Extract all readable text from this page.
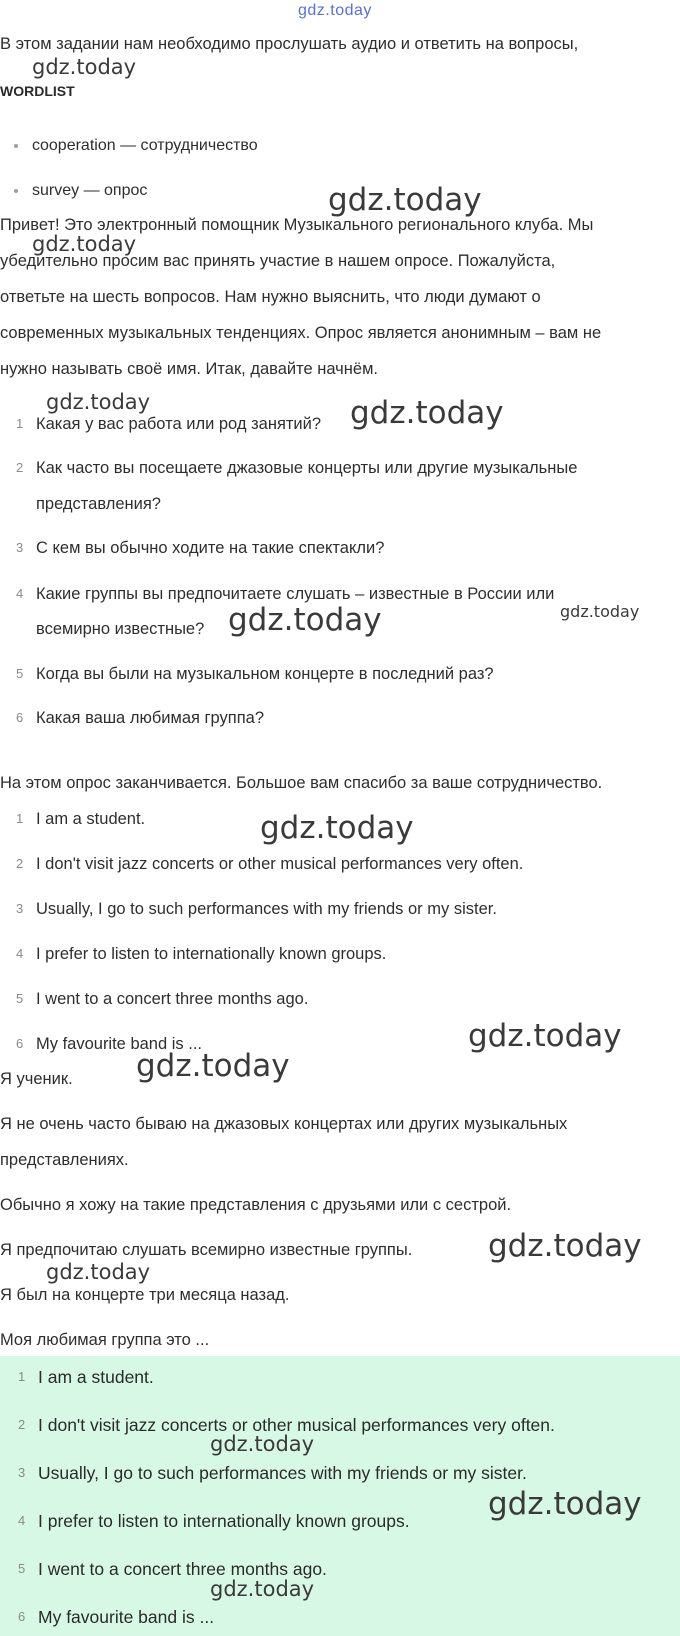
gdz.today
В этом задании нам необходимо прослушать аудио и ответить на вопросы,
WORDLIST
cooperation — сотрудничество
survey — опрос
Привет! Это электронный помощник Музыкального регионального клуба. Мы
убедительно просим вас принять участие в нашем опросе. Пожалуйста,
ответьте на шесть вопросов. Нам нужно выяснить, что люди думают о
современных музыкальных тенденциях. Опрос является анонимным – вам не
нужно называть своё имя. Итак, давайте начнём.
1 Какая у вас работа или род занятий?
2 Как часто вы посещаете джазовые концерты или другие музыкальные
представления?
3 С кем вы обычно ходите на такие спектакли?
4 Какие группы вы предпочитаете слушать – известные в России или
всемирно известные?
5 Когда вы были на музыкальном концерте в последний раз?
6 Какая ваша любимая группа?
На этом опрос заканчивается. Большое вам спасибо за ваше сотрудничество.
1 I am a student.
2 I don't visit jazz concerts or other musical performances very often.
3 Usually, I go to such performances with my friends or my sister.
4 I prefer to listen to internationally known groups.
5 I went to a concert three months ago.
6 My favourite band is ...
Я ученик.
Я не очень часто бываю на джазовых концертах или других музыкальных
представлениях.
Обычно я хожу на такие представления с друзьями или с сестрой.
Я предпочитаю слушать всемирно известные группы.
Я был на концерте три месяца назад.
Моя любимая группа это ...
1 I am a student.
2 I don't visit jazz concerts or other musical performances very often.
3 Usually, I go to such performances with my friends or my sister.
4 I prefer to listen to internationally known groups.
5 I went to a concert three months ago.
6 My favourite band is ...
gdz.today
gdz.today
gdz.today
gdz.today	gdz.today
gdz.today
gdz.today
gdz.today
gdz.today
gdz.today
gdz.today
gdz.today
gdz.today
gdz.today
gdz.today
